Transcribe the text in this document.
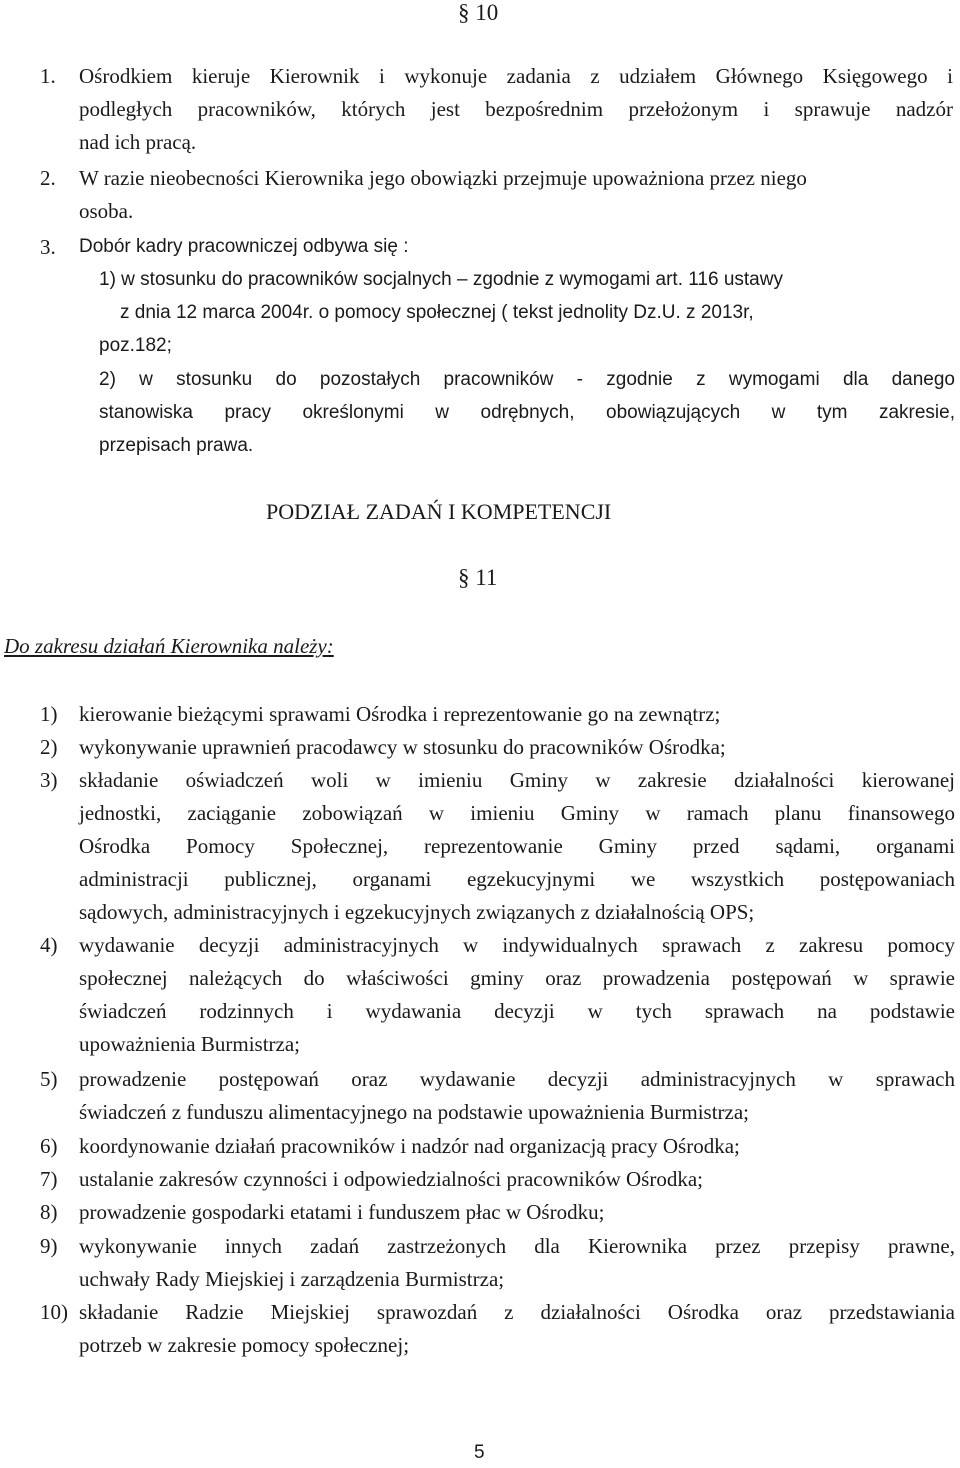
§ 10
1. Ośrodkiem kieruje Kierownik i wykonuje zadania z udziałem Głównego Księgowego i
podległych pracowników, których jest bezpośrednim przełożonym i sprawuje nadzór
nad ich pracą.
2. W razie nieobecności Kierownika jego obowiązki przejmuje upoważniona przez niego
osoba.
3. Dobór kadry pracowniczej odbywa się :
1) w stosunku do pracowników socjalnych – zgodnie z wymogami art. 116 ustawy
z dnia 12 marca 2004r. o pomocy społecznej ( tekst jednolity Dz.U. z 2013r,
poz.182;
2) w stosunku do pozostałych pracowników - zgodnie z wymogami dla danego
stanowiska pracy określonymi w odrębnych, obowiązujących w tym zakresie,
przepisach prawa.
PODZIAŁ ZADAŃ I KOMPETENCJI
§ 11
Do zakresu działań Kierownika należy:
1) kierowanie bieżącymi sprawami Ośrodka i reprezentowanie go na zewnątrz;
2) wykonywanie uprawnień pracodawcy w stosunku do pracowników Ośrodka;
3) składanie oświadczeń woli w imieniu Gminy w zakresie działalności kierowanej
jednostki, zaciąganie zobowiązań w imieniu Gminy w ramach planu finansowego
Ośrodka Pomocy Społecznej, reprezentowanie Gminy przed sądami, organami
administracji publicznej, organami egzekucyjnymi we wszystkich postępowaniach
sądowych, administracyjnych i egzekucyjnych związanych z działalnością OPS;
4) wydawanie decyzji administracyjnych w indywidualnych sprawach z zakresu pomocy
społecznej należących do właściwości gminy oraz prowadzenia postępowań w sprawie
świadczeń rodzinnych i wydawania decyzji w tych sprawach na podstawie
upoważnienia Burmistrza;
5) prowadzenie postępowań oraz wydawanie decyzji administracyjnych w sprawach
świadczeń z funduszu alimentacyjnego na podstawie upoważnienia Burmistrza;
6) koordynowanie działań pracowników i nadzór nad organizacją pracy Ośrodka;
7) ustalanie zakresów czynności i odpowiedzialności pracowników Ośrodka;
8) prowadzenie gospodarki etatami i funduszem płac w Ośrodku;
9) wykonywanie innych zadań zastrzeżonych dla Kierownika przez przepisy prawne,
uchwały Rady Miejskiej i zarządzenia Burmistrza;
10) składanie Radzie Miejskiej sprawozdań z działalności Ośrodka oraz przedstawiania
potrzeb w zakresie pomocy społecznej;
5
